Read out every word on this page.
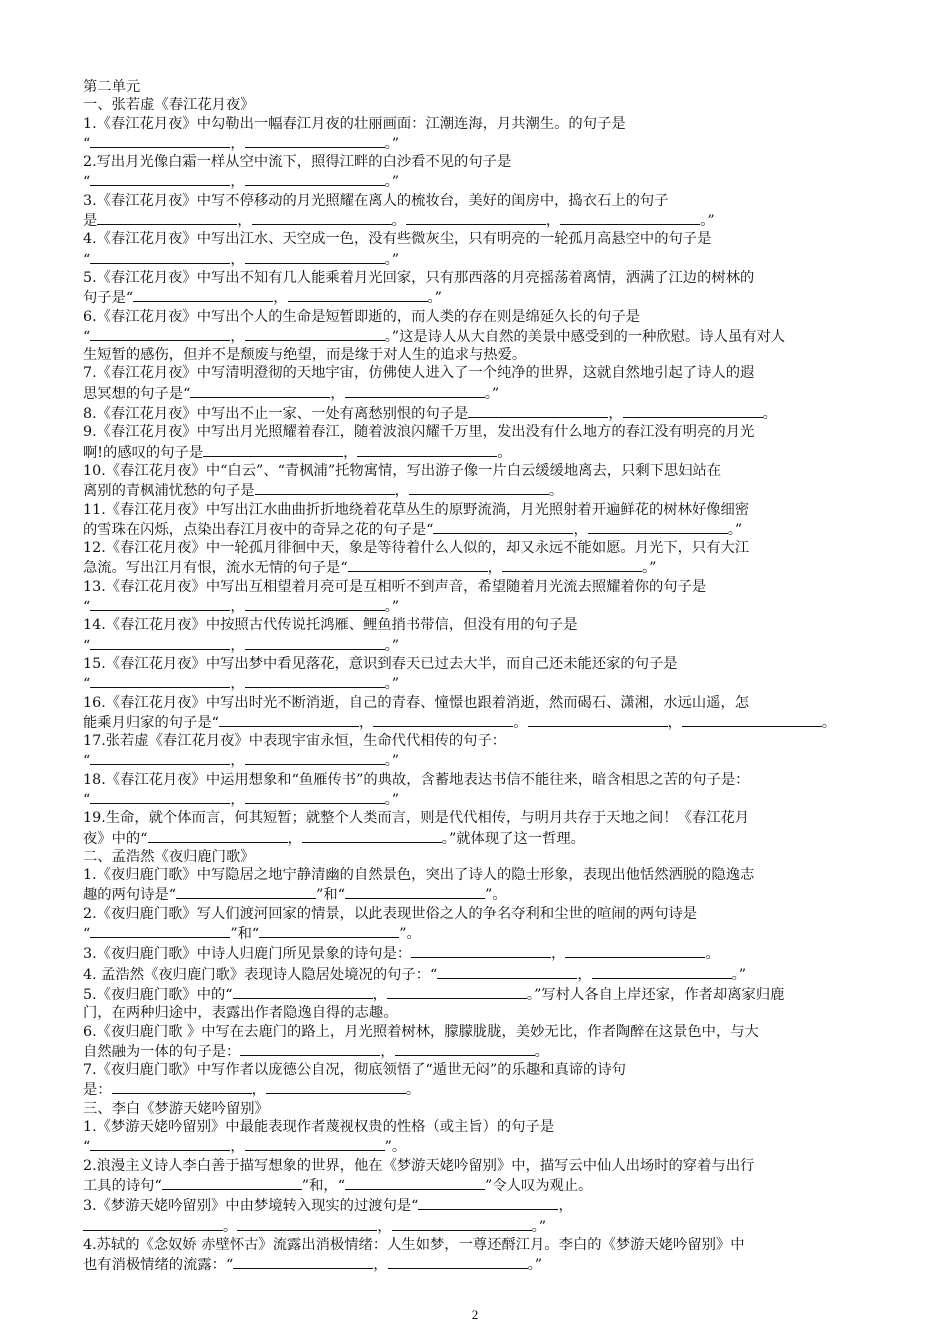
第二单元

一、张若虚《春江花月夜》

1.《春江花月夜》中勾勒出一幅春江月夜的壮丽画面：江潮连海，月共潮生。的句子是

“	，	。”

2.写出月光像白霜一样从空中流下，照得江畔的白沙看不见的句子是

“	，	。”

3.《春江花月夜》中写不停移动的月光照耀在离人的梳妆台，美好的闺房中，捣衣石上的句子

是	，	。	，	。”

4.《春江花月夜》中写出江水、天空成一色，没有些微灰尘，只有明亮的一轮孤月高悬空中的句子是

“	，	。”

5.《春江花月夜》中写出不知有几人能乘着月光回家，只有那西落的月亮摇荡着离情，洒满了江边的树林的

句子是“	，	。”

6.《春江花月夜》中写出个人的生命是短暂即逝的，而人类的存在则是绵延久长的句子是

“	，	。”这是诗人从大自然的美景中感受到的一种欣慰。诗人虽有对人

生短暂的感伤，但并不是颓废与绝望，而是缘于对人生的追求与热爱。

7.《春江花月夜》中写清明澄彻的天地宇宙，仿佛使人进入了一个纯净的世界，这就自然地引起了诗人的遐

思冥想的句子是“	，	。”

8.《春江花月夜》中写出不止一家、一处有离愁别恨的句子是	，	。

9.《春江花月夜》中写出月光照耀着春江，随着波浪闪耀千万里，发出没有什么地方的春江没有明亮的月光

啊!的感叹的句子是	，	。

10.《春江花月夜》中“白云”、“青枫浦”托物寓情，写出游子像一片白云缓缓地离去，只剩下思妇站在

离别的青枫浦忧愁的句子是	，	。

11.《春江花月夜》中写出江水曲曲折折地绕着花草丛生的原野流淌，月光照射着开遍鲜花的树林好像细密

的雪珠在闪烁，点染出春江月夜中的奇异之花的句子是“	，	。”

12.《春江花月夜》中一轮孤月徘徊中天，象是等待着什么人似的，却又永远不能如愿。月光下，只有大江

急流。写出江月有恨，流水无情的句子是“	，	。”

13.《春江花月夜》中写出互相望着月亮可是互相听不到声音，希望随着月光流去照耀着你的句子是

“	，	。”

14.《春江花月夜》中按照古代传说托鸿雁、鲤鱼捎书带信，但没有用的句子是

“	，	。”

15.《春江花月夜》中写出梦中看见落花，意识到春天已过去大半，而自己还未能还家的句子是

“	，	。”

16.《春江花月夜》中写出时光不断消逝，自己的青春、憧憬也跟着消逝，然而碣石、潇湘，水远山遥，怎

能乘月归家的句子是“	，	。	，	。

17.张若虚《春江花月夜》中表现宇宙永恒，生命代代相传的句子：

“	，	。”

18.《春江花月夜》中运用想象和“鱼雁传书”的典故，含蓄地表达书信不能往来，暗含相思之苦的句子是：

“	，	。”

19.生命，就个体而言，何其短暂；就整个人类而言，则是代代相传，与明月共存于天地之间！《春江花月

夜》中的“	，	。”就体现了这一哲理。

二、孟浩然《夜归鹿门歌》

1.《夜归鹿门歌》中写隐居之地宁静清幽的自然景色，突出了诗人的隐士形象，表现出他恬然洒脱的隐逸志

趣的两句诗是“	”和“	”。

2.《夜归鹿门歌》写人们渡河回家的情景，以此表现世俗之人的争名夺利和尘世的喧闹的两句诗是

“	”和“	”。

3.《夜归鹿门歌》中诗人归鹿门所见景象的诗句是：	，	。

4. 孟浩然《夜归鹿门歌》表现诗人隐居处境况的句子：“	，	。”

5.《夜归鹿门歌》中的“	，	。”写村人各自上岸还家，作者却离家归鹿

门，在两种归途中，表露出作者隐逸自得的志趣。

6.《夜归鹿门歌 》中写在去鹿门的路上，月光照着树林，朦朦胧胧，美妙无比，作者陶醉在这景色中，与大

自然融为一体的句子是：	，	。

7.《夜归鹿门歌》中写作者以庞德公自况，彻底领悟了“遁世无闷”的乐趣和真谛的诗句

是：	，	。

三、李白《梦游天姥吟留别》

1.《梦游天姥吟留别》中最能表现作者蔑视权贵的性格（或主旨）的句子是

“	，	”。

2.浪漫主义诗人李白善于描写想象的世界，他在《梦游天姥吟留别》中，描写云中仙人出场时的穿着与出行

工具的诗句“	”和，“	”令人叹为观止。

3.《梦游天姥吟留别》中由梦境转入现实的过渡句是“	，

。	，	。”

4.苏轼的《念奴娇 赤壁怀古》流露出消极情绪：人生如梦，一尊还酹江月。李白的《梦游天姥吟留别》中

也有消极情绪的流露：“	，	。”

2
